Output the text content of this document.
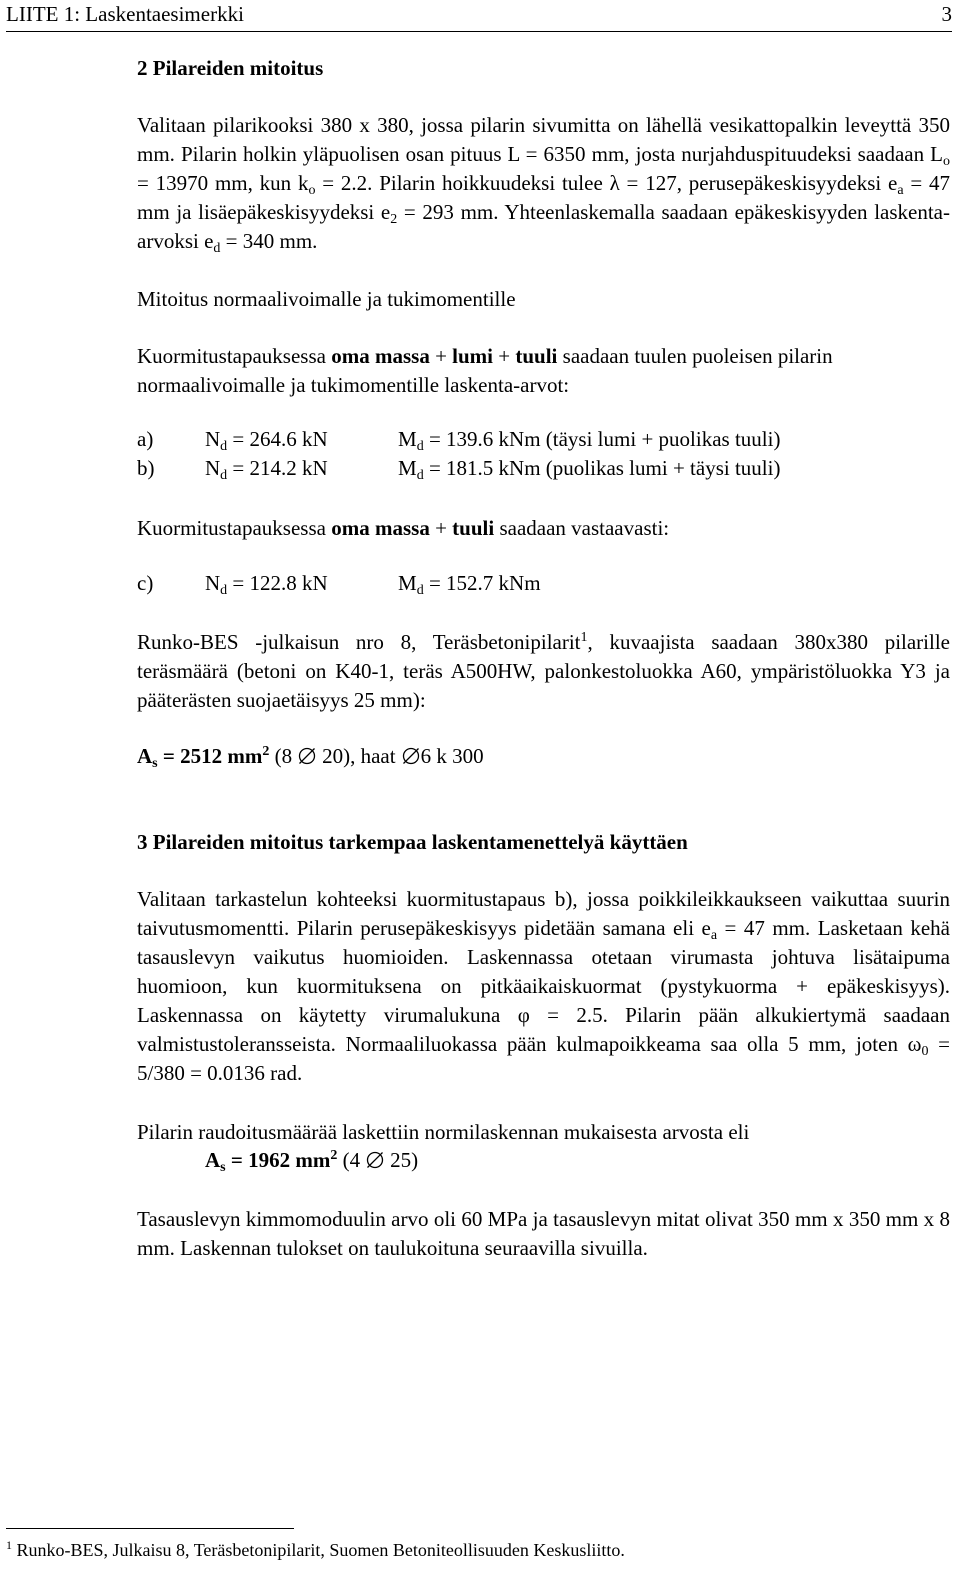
LIITE 1: Laskentaesimerkki	3
2 Pilareiden mitoitus
Valitaan pilarikooksi 380 x 380, jossa pilarin sivumitta on lähellä vesikattopalkin leveyttä 350 mm. Pilarin holkin yläpuolisen osan pituus L = 6350 mm, josta nurjahduspituudeksi saadaan $L_o = 13970$ mm, kun $k_o = 2.2$. Pilarin hoikkuudeksi tulee λ = 127, perusepäkeskisyydeksi $e_a = 47$ mm ja lisäepäkeskisyydeksi $e_2 = 293$ mm. Yhteenlaskemalla saadaan epäkeskisyyden laskenta-arvoksi $e_d = 340$ mm.
Mitoitus normaalivoimalle ja tukimomentille
Kuormitustapauksessa oma massa + lumi + tuuli saadaan tuulen puoleisen pilarin normaalivoimalle ja tukimomentille laskenta-arvot:
a) $N_d = 264.6$ kN	$M_d = 139.6$ kNm (täysi lumi + puolikas tuuli)
b) $N_d = 214.2$ kN	$M_d = 181.5$ kNm (puolikas lumi + täysi tuuli)
Kuormitustapauksessa oma massa + tuuli saadaan vastaavasti:
c) $N_d = 122.8$ kN	$M_d = 152.7$ kNm
Runko-BES -julkaisun nro 8, Teräsbetonipilarit$^1$, kuvaajista saadaan 380x380 pilarille teräsmäärä (betoni on K40-1, teräs A500HW, palonkestoluokka A60, ympäristöluokka Y3 ja pääterästen suojaetäisyys 25 mm):
$A_s = 2512$ $mm^2$ (8 20), haat 6 k 300
3 Pilareiden mitoitus tarkempaa laskentamenettelyä käyttäen
Valitaan tarkastelun kohteeksi kuormitustapaus b), jossa poikkileikkaukseen vaikuttaa suurin taivutusmomentti. Pilarin perusepäkeskisyys pidetään samana eli $e_a = 47$ mm. Lasketaan kehä tasauslevyn vaikutus huomioiden. Laskennassa otetaan virumasta johtuva lisätaipuma huomioon, kun kuormituksena on pitkäaikaiskuormat (pystykuorma + epäkeskisyys). Laskennassa on käytetty virumalukuna φ = 2.5. Pilarin pään alkukiertymä saadaan valmistustoleransseista. Normaaliluokassa pään kulmapoikkeama saa olla 5 mm, joten $\omega_0 = 5/380 = 0.0136$ rad.
Pilarin raudoitusmäärää laskettiin normilaskennan mukaisesta arvosta eli
$A_s = 1962$ $mm^2$ (4 25)
Tasauslevyn kimmomoduulin arvo oli 60 MPa ja tasauslevyn mitat olivat 350 mm x 350 mm x 8 mm. Laskennan tulokset on taulukoituna seuraavilla sivuilla.
$^1$ Runko-BES, Julkaisu 8, Teräsbetonipilarit, Suomen Betoniteollisuuden Keskusliitto.
